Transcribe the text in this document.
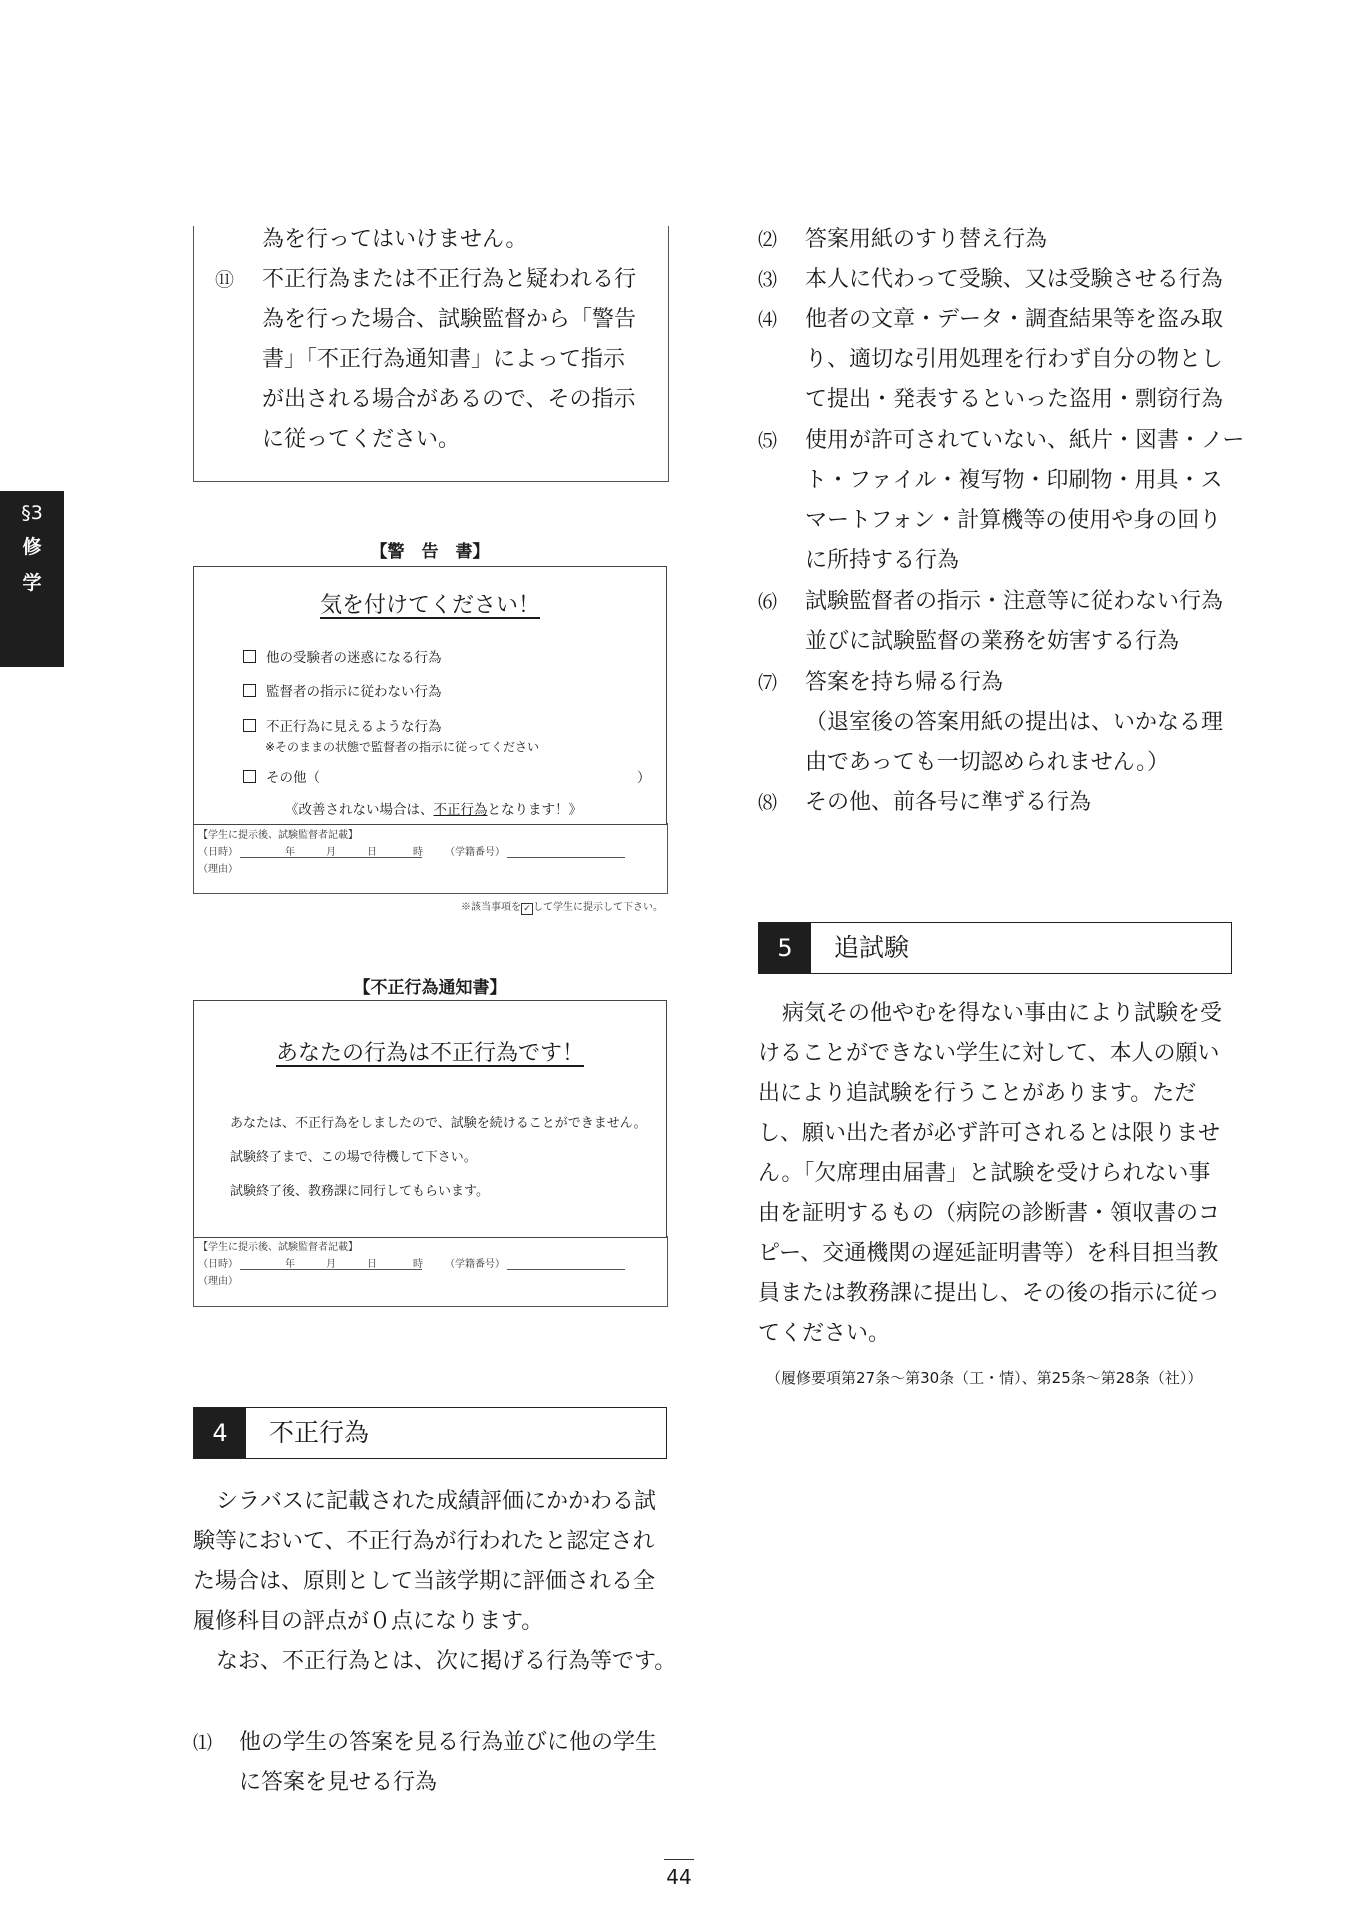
§3
修
学
為を行ってはいけません。
⑪ 不正行為または不正行為と疑われる行
為を行った場合、試験監督から「警告
書」「不正行為通知書」によって指示
が出される場合があるので、その指示
に従ってください。
【警　告　書】
気を付けてください！
他の受験者の迷惑になる行為
監督者の指示に従わない行為
不正行為に見えるような行為
※そのままの状態で監督者の指示に従ってください
その他（	）
《改善されない場合は、不正行為となります！》
【学生に提示後、試験監督者記載】
（日時）	年	月	日	時 （学籍番号）
（理由）
※該当事項を ✓ して学生に提示して下さい。
【不正行為通知書】
あなたの行為は不正行為です！
あなたは、不正行為をしましたので、試験を続けることができません。
試験終了まで、この場で待機して下さい。
試験終了後、教務課に同行してもらいます。
【学生に提示後、試験監督者記載】
（日時）	年	月	日	時 （学籍番号）
（理由）
4	不正行為
シラバスに記載された成績評価にかかわる試
験等において、不正行為が行われたと認定され
た場合は、原則として当該学期に評価される全
履修科目の評点が０点になります。
なお、不正行為とは、次に掲げる行為等です。
⑴ 他の学生の答案を見る行為並びに他の学生
に答案を見せる行為
⑵ 答案用紙のすり替え行為
⑶ 本人に代わって受験、又は受験させる行為
⑷ 他者の文章・データ・調査結果等を盗み取
り、適切な引用処理を行わず自分の物とし
て提出・発表するといった盗用・剽窃行為
⑸ 使用が許可されていない、紙片・図書・ノー
ト・ファイル・複写物・印刷物・用具・ス
マートフォン・計算機等の使用や身の回り
に所持する行為
⑹ 試験監督者の指示・注意等に従わない行為
並びに試験監督の業務を妨害する行為
⑺ 答案を持ち帰る行為
（退室後の答案用紙の提出は、いかなる理
由であっても一切認められません。）
⑻ その他、前各号に準ずる行為
5	追試験
病気その他やむを得ない事由により試験を受
けることができない学生に対して、本人の願い
出により追試験を行うことがあります。ただ
し、願い出た者が必ず許可されるとは限りませ
ん。「欠席理由届書」と試験を受けられない事
由を証明するもの（病院の診断書・領収書のコ
ピー、交通機関の遅延証明書等）を科目担当教
員または教務課に提出し、その後の指示に従っ
てください。
（履修要項第27条〜第30条（工・情）、第25条〜第28条（社））
44
